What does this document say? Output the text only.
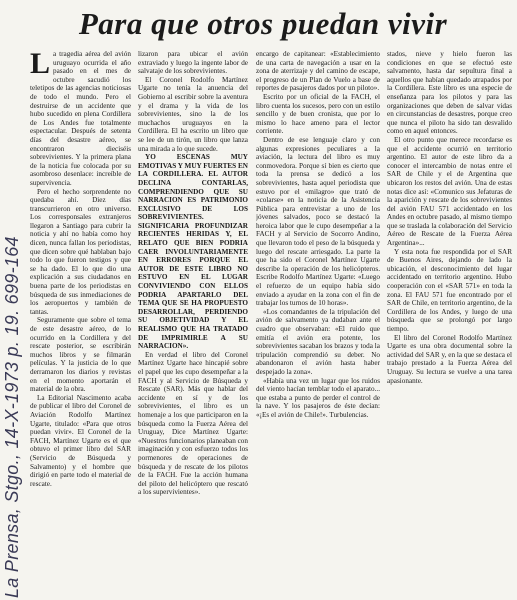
Para que otros puedan vivir
L a tragedia aérea del avión uruguayo ocurrida el año pasado en el mes de octubre sacudió los teletipos de las agencias noticiosas de todo el mundo. Pero el destruirse de un accidente que hubo sucedido en plena Cordillera de Los Andes fue totalmente espectacular. Después de setenta días del desastre aéreo, se encontraron dieciséis sobrevivientes. Y la primera plana de la noticia fue colocada por su asombroso desenlace: increíble de supervivencia.

Pero el hecho sorprendente no quedaba ahí. Diez días transcurrieron en otro universo. Los corresponsales extranjeros llegaron a Santiago para cubrir la noticia y ahí no había como hoy dicen, nunca fallan los periodistas, que dicen sobre qué hablaban bajo todo lo que fueron testigos y que se ha dado. El lo que dio una explicación a sus ciudadanos en buena parte de los periodistas en búsqueda de sus inmediaciones de los aeropuertos y también de tantas.

Seguramente que sobre el tema de este desastre aéreo, de lo ocurrido en la Cordillera y del rescate posterior, se escribirán muchos libros y se filmarán películas. Y la justicia de lo que derramaron los diarios y revistas en el momento aportarán el material de la obra.

La Editorial Nascimento acaba de publicar el libro del Coronel de Aviación Rodolfo Martínez Ugarte, titulado: «Para que otros puedan vivir». El Coronel de la FACH, Martínez Ugarte es el que obtuvo el primer libro del SAR (Servicio de Búsqueda y Salvamento) y el hombre que dirigió en parte todo el material de rescate.

lizaron para ubicar el avión extraviado y luego la ingente labor de salvataje de los sobrevivientes.

El Coronel Rodolfo Martínez Ugarte no tenía la anuencia del Gobierno al escribir sobre la aventura y el drama y la vida de los sobrevivientes, sino la de los muchachos uruguayos en la Cordillera. El ha escrito un libro que se lee de un tirón, un libro que lanza una mirada a lo que sucede.

YO ESCENAS MUY EMOTIVAS Y MUY FUERTES EN LA CORDILLERA. EL AUTOR DECLINA CONTARLAS, COMPRENDIENDO QUE SU NARRACION ES PATRIMONIO EXCLUSIVO DE LOS SOBREVIVIENTES. SIGNIFICARIA PROFUNDIZAR RECIENTES HERIDAS Y, EL RELATO QUE BIEN PODRIA CAER INVOLUNTARIAMENTE EN ERRORES PORQUE EL AUTOR DE ESTE LIBRO NO ESTUVO EN EL LUGAR CONVIVIENDO CON ELLOS PODRIA APARTARLO DEL TEMA QUE SE HA PROPUESTO DESARROLLAR, PERDIENDO SU OBJETIVIDAD Y EL REALISMO QUE HA TRATADO DE IMPRIMIRLE A SU NARRACION».

En verdad el libro del Coronel Martínez Ugarte hace hincapié sobre el papel que les cupo desempeñar a la FACH y al Servicio de Búsqueda y Rescate (SAR). Más que hablar del accidente en sí y de los sobrevivientes, el libro es un homenaje a los que participaron en la búsqueda como la Fuerza Aérea del Uruguay, Dice Martínez Ugarte: «Nuestros funcionarios planeaban con imaginación y con esfuerzo todos los pormenores de operaciones de búsqueda y de rescate de los pilotos de la FACH. Fue la acción humana del piloto del helicóptero que rescató a los supervivientes».

encargo de capitanear: «Establecimiento de una carta de navegación a usar en la zona de aterrizaje y del camino de escape, el progreso de un Plan de Vuelo a base de reportes de pasajeros dados por un piloto».

Escrito por un oficial de la FACH, el libro cuenta los sucesos, pero con un estilo sencillo y de buen cronista, que por lo mismo lo hace ameno para el lector corriente.

Dentro de ese lenguaje claro y con algunas expresiones peculiares a la aviación, la lectura del libro es muy conmovedora. Porque sí bien es cierto que toda la prensa se dedicó a los sobrevivientes, hasta aquel periodista que estuvo por el «milagro» que trató de «colarse» en la noticia de la Asistencia Pública para entrevistar a uno de los jóvenes salvados, poco se destacó la heroica labor que le cupo desempeñar a la FACH y al Servicio de Socorro Andino, que llevaron todo el peso de la búsqueda y luego del rescate arriesgado. La parte la que ha sido el Coronel Martínez Ugarte describe la operación de los helicópteros. Escribe Rodolfo Martínez Ugarte: «Luego el refuerzo de un equipo había sido enviado a ayudar en la zona con el fin de trabajar los turnos de 10 horas».

«Los comandantes de la tripulación del avión de salvamento ya dudaban ante el cuadro que observaban: «El ruido que emitía el avión era potente, los sobrevivientes sacaban los brazos y toda la tripulación comprendió su deber. No abandonaron el avión hasta haber despejado la zona».

«Había una vez un lugar que los ruidos del viento hacían temblar todo el aparato... que estaba a punto de perder el control de la nave. Y los pasajeros de éste decían: «¡Es el avión de Chile!». Turbulencias.

stados, nieve y hielo fueron las condiciones en que se efectuó este salvamento, hasta dar sepultura final a aquellos que habían quedado atrapados por la Cordillera. Este libro es una especie de enseñanza para los pilotos y para las organizaciones que deben de salvar vidas en circunstancias de desastres, porque creo que nunca el piloto ha sido tan desvalido como en aquel entonces.

El otro punto que merece recordarse es que el accidente ocurrió en territorio argentino. El autor de este libro da a conocer el intercambio de notas entre el SAR de Chile y el de Argentina que ubicaron los restos del avión. Una de estas notas dice así: «Comunico sus Jefaturas de la aparición y rescate de los sobrevivientes del avión FAU 571 accidentado en los Andes en octubre pasado, al mismo tiempo que se traslada la colaboración del Servicio Aéreo de Rescate de la Fuerza Aérea Argentina»...

Y esta nota fue respondida por el SAR de Buenos Aires, dejando de lado la ubicación, el desconocimiento del lugar accidentado en territorio argentino. Hubo cooperación con el «SAR 571» en toda la zona. El FAU 571 fue encontrado por el SAR de Chile, en territorio argentino, de la Cordillera de los Andes, y luego de una búsqueda que se prolongó por largo tiempo.

El libro del Coronel Rodolfo Martínez Ugarte es una obra documental sobre la actividad del SAR y, en la que se destaca el trabajo prestado a la Fuerza Aérea del Uruguay. Su lectura se vuelve a una tarea apasionante.

La Prensa, Stgo., 14-X-1973 p. 19. 699-164
